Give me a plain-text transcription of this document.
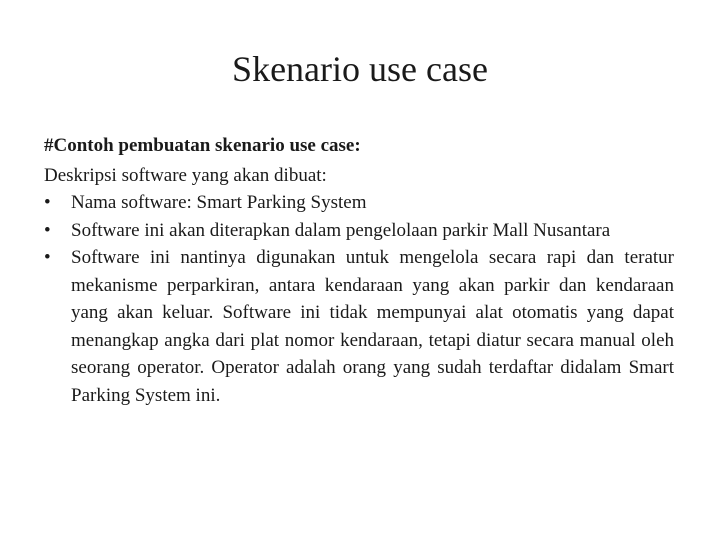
Skenario use case

#Contoh pembuatan skenario use case:

Deskripsi software yang akan dibuat:

•	Nama software: Smart Parking System
•	Software ini akan diterapkan dalam pengelolaan parkir Mall Nusantara
•	Software ini nantinya digunakan untuk mengelola secara rapi dan teratur mekanisme perparkiran, antara kendaraan yang akan parkir dan kendaraan yang akan keluar. Software ini tidak mempunyai alat otomatis yang dapat menangkap angka dari plat nomor kendaraan, tetapi diatur secara manual oleh seorang operator. Operator adalah orang yang sudah terdaftar didalam Smart Parking System ini.
